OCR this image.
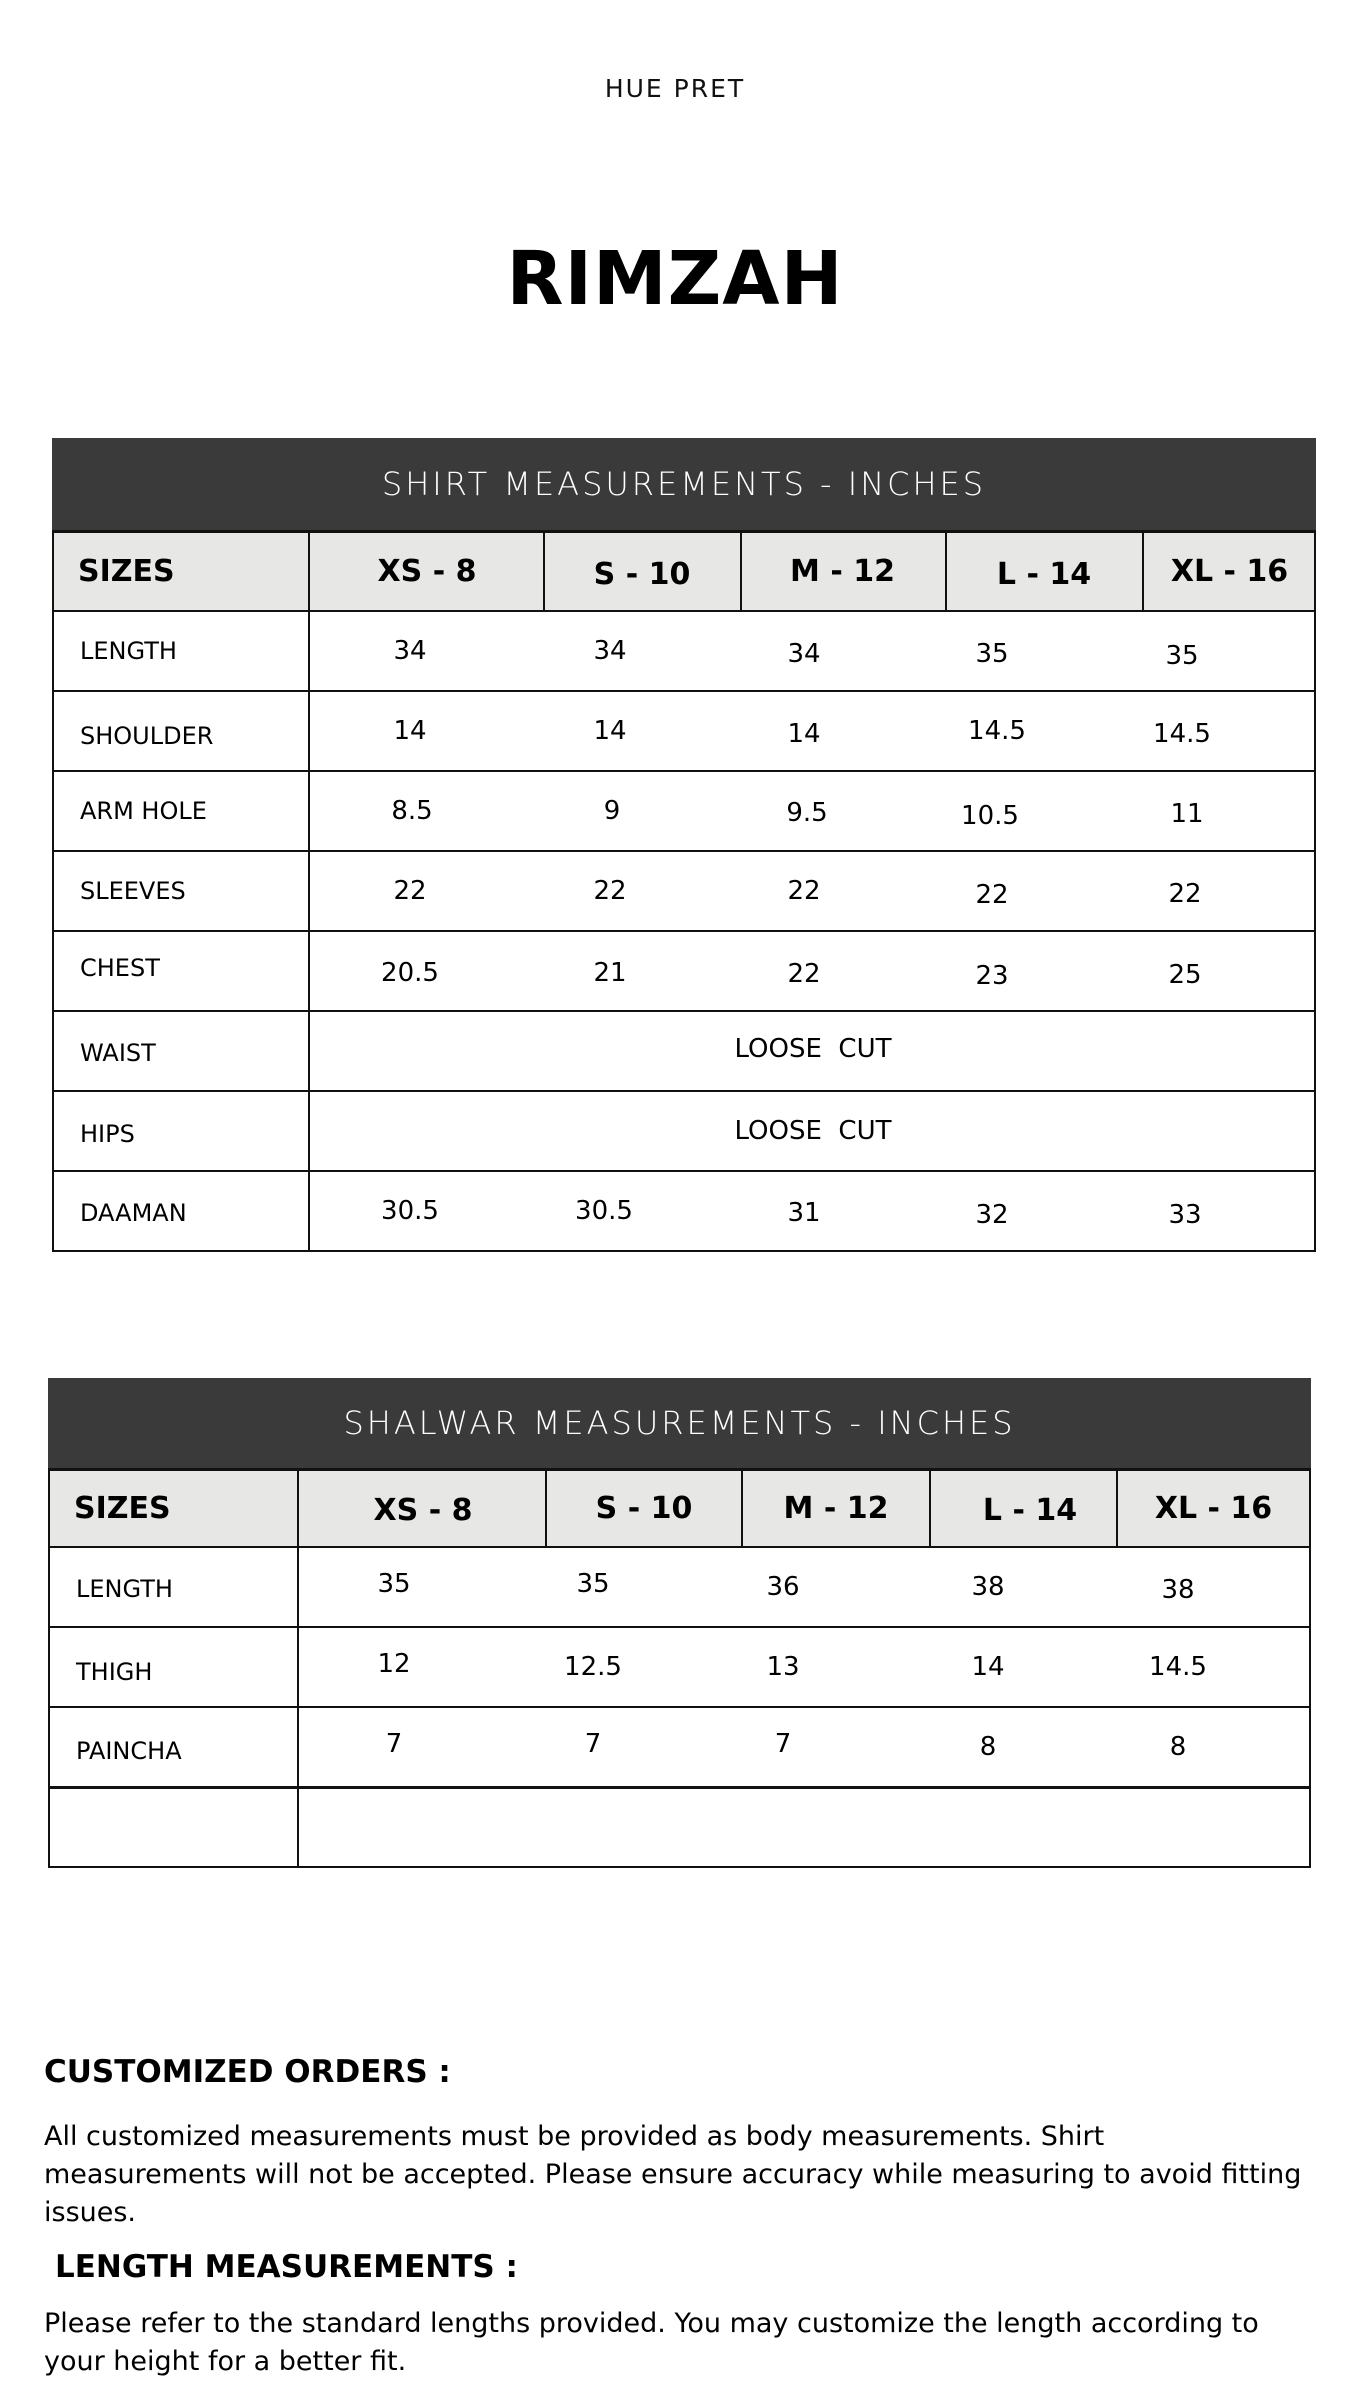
HUE PRET
RIMZAH
SHIRT MEASUREMENTS - INCHES
SIZES	XS - 8	S - 10	M - 12	L - 14	XL - 16
LENGTH	34	34	34	35	35
SHOULDER	14	14	14	14.5	14.5
ARM HOLE	8.5	9	9.5	10.5	11
SLEEVES	22	22	22	22	22
CHEST	20.5	21	22	23	25
WAIST	LOOSE  CUT
HIPS	LOOSE  CUT
DAAMAN	30.5	30.5	31	32	33
SHALWAR MEASUREMENTS - INCHES
SIZES	XS - 8	S - 10	M - 12	L - 14	XL - 16
LENGTH	35	35	36	38	38
THIGH	12	12.5	13	14	14.5
PAINCHA	7	7	7	8	8
CUSTOMIZED ORDERS :
All customized measurements must be provided as body measurements. Shirt measurements will not be accepted. Please ensure accuracy while measuring to avoid fitting issues.
LENGTH MEASUREMENTS :
Please refer to the standard lengths provided. You may customize the length according to your height for a better fit.
